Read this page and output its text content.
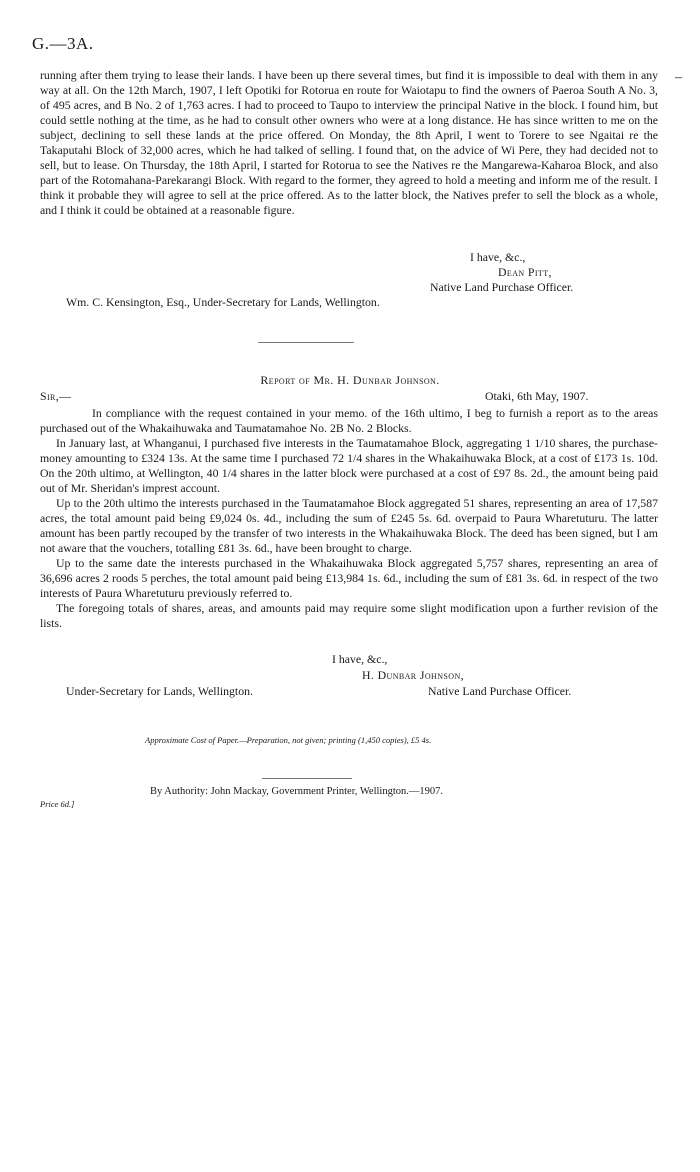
G.—3A.
–

running after them trying to lease their lands. I have been up there several times, but find it is impossible to deal with them in any way at all. On the 12th March, 1907, I left Opotiki for Rotorua en route for Waiotapu to find the owners of Paeroa South A No. 3, of 495 acres, and B No. 2 of 1,763 acres. I had to proceed to Taupo to interview the principal Native in the block. I found him, but could settle nothing at the time, as he had to consult other owners who were at a long distance. He has since written to me on the subject, declining to sell these lands at the price offered. On Monday, the 8th April, I went to Torere to see Ngaitai re the Takaputahi Block of 32,000 acres, which he had talked of selling. I found that, on the advice of Wi Pere, they had decided not to sell, but to lease. On Thursday, the 18th April, I started for Rotorua to see the Natives re the Mangarewa-Kaharoa Block, and also part of the Rotomahana-Parekarangi Block. With regard to the former, they agreed to hold a meeting and inform me of the result. I think it probable they will agree to sell at the price offered. As to the latter block, the Natives prefer to sell the block as a whole, and I think it could be obtained at a reasonable figure.

I have, &c.,
Dean Pitt,
Native Land Purchase Officer.
Wm. C. Kensington, Esq., Under-Secretary for Lands, Wellington.
Report of Mr. H. Dunbar Johnson.
Sir,—	Otaki, 6th May, 1907.

In compliance with the request contained in your memo. of the 16th ultimo, I beg to furnish a report as to the areas purchased out of the Whakaihuwaka and Taumatamahoe No. 2B No. 2 Blocks.

In January last, at Whanganui, I purchased five interests in the Taumatamahoe Block, aggregating 1 1/10 shares, the purchase-money amounting to £324 13s. At the same time I purchased 72 1/4 shares in the Whakaihuwaka Block, at a cost of £173 1s. 10d. On the 20th ultimo, at Wellington, 40 1/4 shares in the latter block were purchased at a cost of £97 8s. 2d., the amount being paid out of Mr. Sheridan's imprest account.

Up to the 20th ultimo the interests purchased in the Taumatamahoe Block aggregated 51 shares, representing an area of 17,587 acres, the total amount paid being £9,024 0s. 4d., including the sum of £245 5s. 6d. overpaid to Paura Wharetuturu. The latter amount has been partly recouped by the transfer of two interests in the Whakaihuwaka Block. The deed has been signed, but I am not aware that the vouchers, totalling £81 3s. 6d., have been brought to charge.

Up to the same date the interests purchased in the Whakaihuwaka Block aggregated 5,757 shares, representing an area of 36,696 acres 2 roods 5 perches, the total amount paid being £13,984 1s. 6d., including the sum of £81 3s. 6d. in respect of the two interests of Paura Wharetuturu previously referred to.

The foregoing totals of shares, areas, and amounts paid may require some slight modification upon a further revision of the lists.

I have, &c.,
H. Dunbar Johnson,
Under-Secretary for Lands, Wellington.	Native Land Purchase Officer.
Approximate Cost of Paper.—Preparation, not given; printing (1,450 copies), £5 4s.
By Authority: John Mackay, Government Printer, Wellington.—1907.
Price 6d.]
